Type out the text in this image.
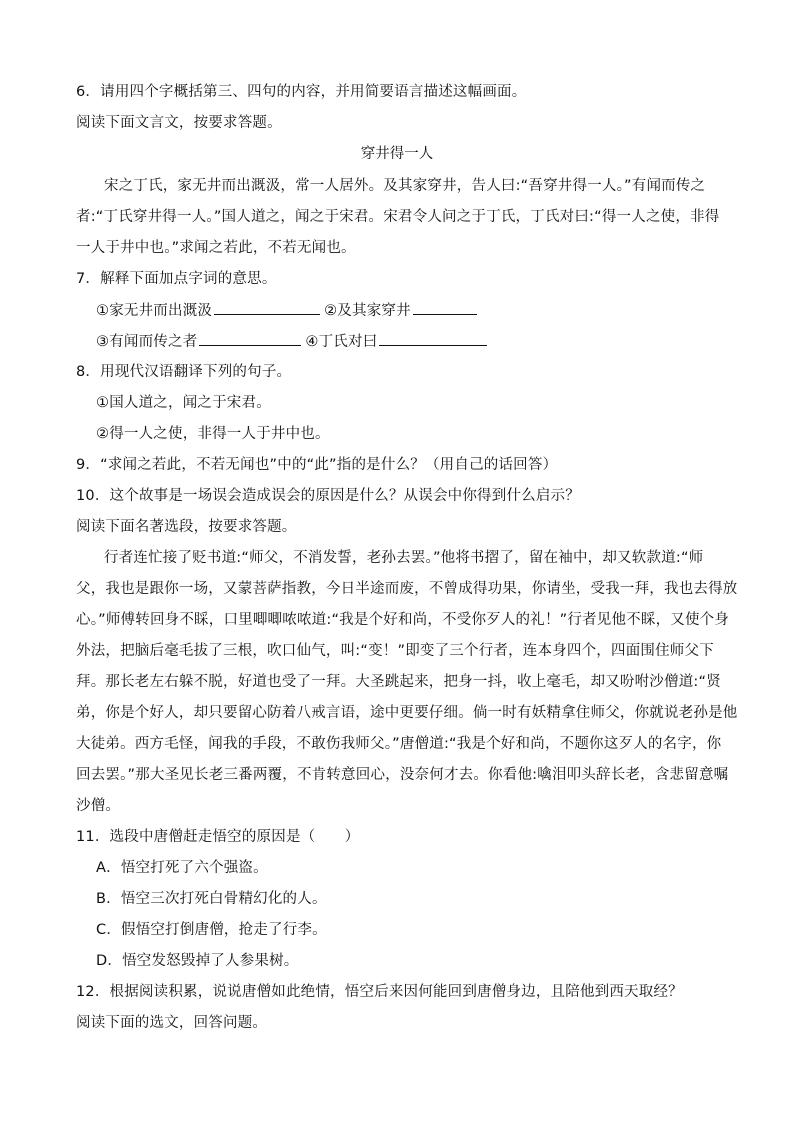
6．请用四个字概括第三、四句的内容，并用简要语言描述这幅画面。
阅读下面文言文，按要求答题。
穿井得一人
宋之丁氏，家无井而出溉汲，常一人居外。及其家穿井，告人曰:“吾穿井得一人。”有闻而传之
者:“丁氏穿井得一人。”国人道之，闻之于宋君。宋君令人问之于丁氏，丁氏对曰:“得一人之使，非得
一人于井中也。”求闻之若此，不若无闻也。
7．解释下面加点字词的意思。
①家无井而出溉汲	②及其家穿井
③有闻而传之者	④丁氏对曰
8．用现代汉语翻译下列的句子。
①国人道之，闻之于宋君。
②得一人之使，非得一人于井中也。
9．“求闻之若此，不若无闻也”中的“此”指的是什么？（用自己的话回答）
10．这个故事是一场误会造成误会的原因是什么？从误会中你得到什么启示？
阅读下面名著选段，按要求答题。
行者连忙接了贬书道:“师父，不消发誓，老孙去罢。”他将书摺了，留在袖中，却又软款道:“师
父，我也是跟你一场，又蒙菩萨指教，今日半途而废，不曾成得功果，你请坐，受我一拜，我也去得放
心。”师傅转回身不睬，口里唧唧哝哝道:“我是个好和尚，不受你歹人的礼！”行者见他不睬，又使个身
外法，把脑后毫毛拔了三根，吹口仙气，叫:“变！”即变了三个行者，连本身四个，四面围住师父下
拜。那长老左右躲不脱，好道也受了一拜。大圣跳起来，把身一抖，收上毫毛，却又吩咐沙僧道:“贤
弟，你是个好人，却只要留心防着八戒言语，途中更要仔细。倘一时有妖精拿住师父，你就说老孙是他
大徒弟。西方毛怪，闻我的手段，不敢伤我师父。”唐僧道:“我是个好和尚，不题你这歹人的名字，你
回去罢。”那大圣见长老三番两覆，不肯转意回心，没奈何才去。你看他:噙泪叩头辞长老，含悲留意嘱
沙僧。
11．选段中唐僧赶走悟空的原因是（　　）
A．悟空打死了六个强盗。
B．悟空三次打死白骨精幻化的人。
C．假悟空打倒唐僧，抢走了行李。
D．悟空发怒毁掉了人参果树。
12．根据阅读积累，说说唐僧如此绝情，悟空后来因何能回到唐僧身边，且陪他到西天取经？
阅读下面的选文，回答问题。
